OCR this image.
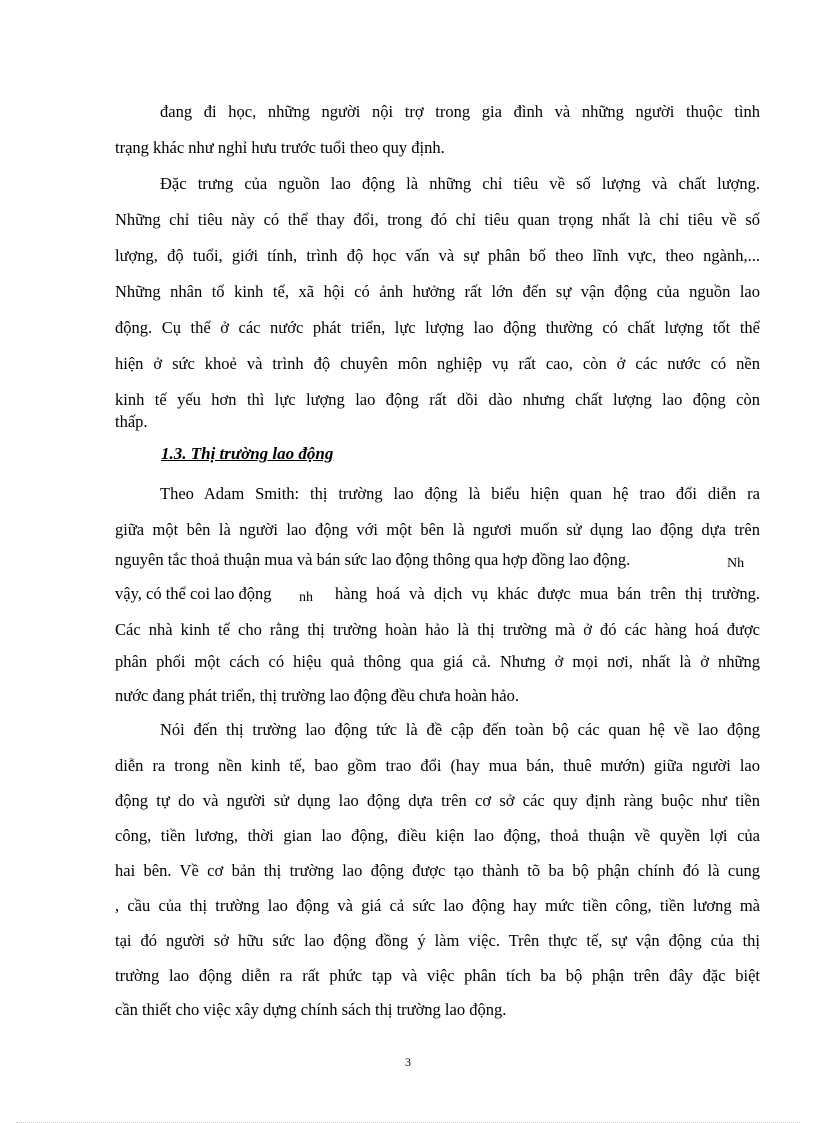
đang đi học, những người nội trợ trong gia đình và những người thuộc tình
trạng khác như nghỉ hưu trước tuổi theo quy định.
Đặc trưng của nguồn lao động là những chỉ tiêu về số lượng và chất lượng.
Những chỉ tiêu này có thể thay đổi, trong đó chỉ tiêu quan trọng nhất là chỉ tiêu về số
lượng, độ tuổi, giới tính, trình độ học vấn và sự phân bố theo lĩnh vực, theo ngành,...
Những nhân tố kinh tế, xã hội có ảnh hưởng rất lớn đến sự vận động của nguồn lao
động. Cụ thể ở các nước phát triển, lực lượng lao động thường có chất lượng tốt thể
hiện ở sức khoẻ và trình độ chuyên môn nghiệp vụ rất cao, còn ở các nước có nền
kinh tế yếu hơn thì lực lượng lao động rất dồi dào nhưng chất lượng lao động còn
thấp.
1.3. Thị trường lao động
Theo Adam Smith: thị trường lao động là biểu hiện quan hệ trao đổi diễn ra
giữa một bên là người lao động với một bên là ngươi muốn sử dụng lao động dựa trên
nguyên tắc thoả thuận mua và bán sức lao động thông qua hợp đồng lao động.	Nh
vậy, có thể coi lao động	nh hàng hoá và dịch vụ khác được mua bán trên thị trường.
Các nhà kinh tế cho rằng thị trường hoàn hảo là thị trường mà ở đó các hàng hoá được
phân phối một cách có hiệu quả thông qua giá cả. Nhưng ở mọi nơi, nhất là ở những
nước đang phát triển, thị trường lao động đều chưa hoàn hảo.
Nói đến thị trường lao động tức là đề cập đến toàn bộ các quan hệ về lao động
diễn ra trong nền kinh tế, bao gồm trao đổi (hay mua bán, thuê mướn) giữa người lao
động tự do và người sử dụng lao động dựa trên cơ sở các quy định ràng buộc như tiền
công, tiền lương, thời gian lao động, điều kiện lao động, thoả thuận về quyền lợi của
hai bên. Về cơ bản thị trường lao động được tạo thành tõ ba bộ phận chính đó là cung
, cầu của thị trường lao động và giá cả sức lao động hay mức tiền công, tiền lương mà
tại đó người sở hữu sức lao động đồng ý làm việc. Trên thực tế, sự vận động của thị
trường lao động diễn ra rất phức tạp và việc phân tích ba bộ phận trên đây đặc biệt
cần thiết cho việc xây dựng chính sách thị trường lao động.
3
